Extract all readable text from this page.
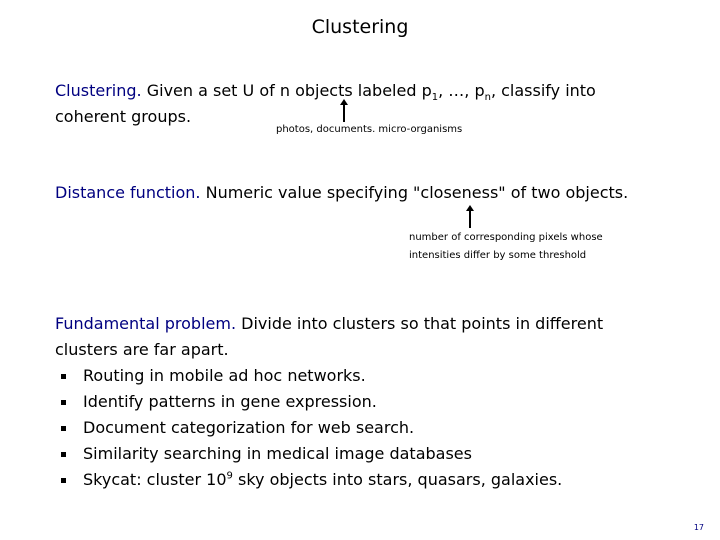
Clustering
Clustering. Given a set U of n objects labeled $p_1$, …, $p_n$, classify into
coherent groups.
photos, documents. micro-organisms
Distance function. Numeric value specifying "closeness" of two objects.
number of corresponding pixels whose
intensities differ by some threshold
Fundamental problem. Divide into clusters so that points in different
clusters are far apart.
Routing in mobile ad hoc networks.
Identify patterns in gene expression.
Document categorization for web search.
Similarity searching in medical image databases
Skycat: cluster $10^9$ sky objects into stars, quasars, galaxies.
17
